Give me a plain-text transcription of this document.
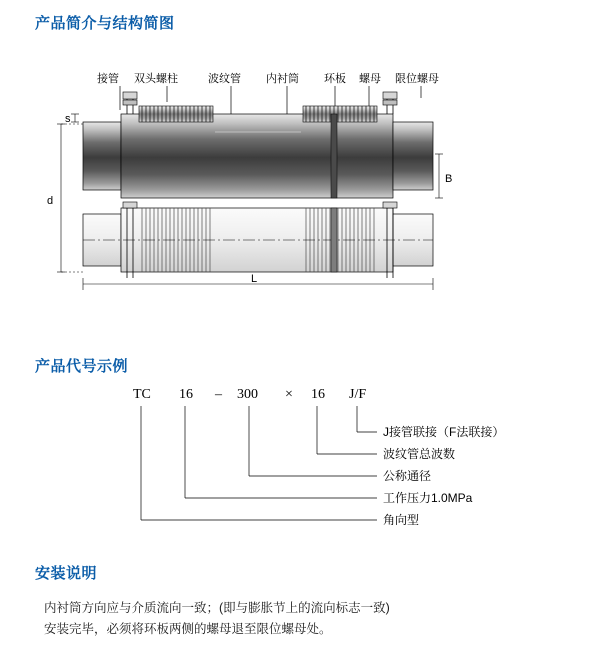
产品简介与结构简图
产品代号示例
安装说明
s
d
B
L
接管 双头螺柱	波纹管 内衬筒 环板 螺母 限位螺母
TC 16 – 300 × 16 J/F
J接管联接（F法联接）
波纹管总波数
公称通径
工作压力1.0MPa
角向型
内衬筒方向应与介质流向一致；(即与膨胀节上的流向标志一致)
安装完毕，必须将环板两侧的螺母退至限位螺母处。
